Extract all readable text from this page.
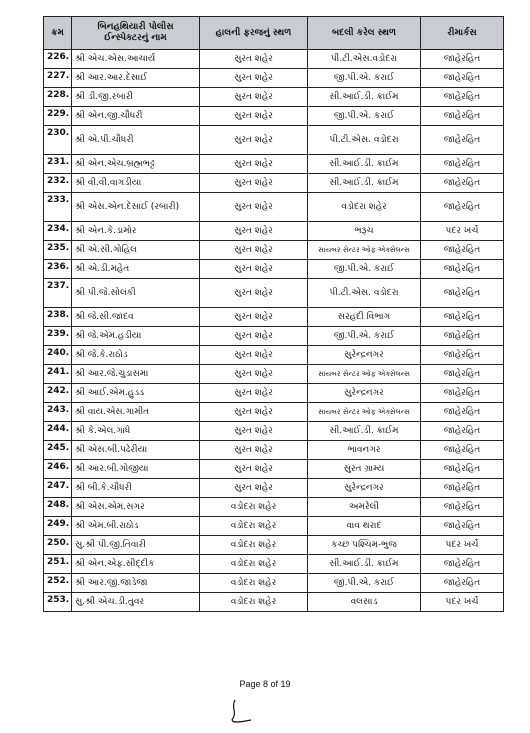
ક્રમ	બિનહથિયારી પોલીસ ઈન્સ્પેક્ટરનું નામ	હાલની ફરજનું સ્થળ	બદલી કરેલ સ્થળ	રીમાર્કસ
226.	શ્રી એચ.એસ.આચાર્ય	સુરત શહેર	પી.ટી.એસ.વડોદરા	જાહેરહિત
227.	શ્રી આર.આર.દેસાઈ	સુરત શહેર	જી.પી.એ. કરાઈ	જાહેરહિત
228.	શ્રી ડી.જી.રબારી	સુરત શહેર	સી.આઈ.ડી. ક્રાઈમ	જાહેરહિત
229.	શ્રી એન.જી.ચૌધરી	સુરત શહેર	જી.પી.એ. કરાઈ	જાહેરહિત
230.	શ્રી એ.પી.ચૌધરી	સુરત શહેર	પી.ટી.એસ. વડોદરા	જાહેરહિત
231.	શ્રી એન.એચ.બ્રહ્મભટ્ટ	સુરત શહેર	સી.આઈ.ડી. ક્રાઈમ	જાહેરહિત
232.	શ્રી વી.વી.વાગડીયા	સુરત શહેર	સી.આઈ.ડી. ક્રાઈમ	જાહેરહિત
233.	શ્રી એસ.એન.દેસાઈ (રબારી)	સુરત શહેર	વડોદરા શહેર	જાહેરહિત
234.	શ્રી એન.કે.ડામોર	સુરત શહેર	ભરૂચ	પદર ખર્ચે
235.	શ્રી એ.સી.ગોહિલ	સુરત શહેર	સાયબર સેન્ટર ઓફ એક્સેલન્સ	જાહેરહિત
236.	શ્રી એ.ડી.મહેત	સુરત શહેર	જી.પી.એ. કરાઈ	જાહેરહિત
237.	શ્રી પી.જે.સોલંકી	સુરત શહેર	પી.ટી.એસ. વડોદરા	જાહેરહિત
238.	શ્રી જે.સી.જાદવ	સુરત શહેર	સરહદી વિભાગ	જાહેરહિત
239.	શ્રી જે.એમ.હડીયા	સુરત શહેર	જી.પી.એ. કરાઈ	જાહેરહિત
240.	શ્રી જે.કે.રાઠોડ	સુરત શહેર	સુરેન્દ્રનગર	જાહેરહિત
241.	શ્રી આર.જે.ચુડાસમા	સુરત શહેર	સાયબર સેન્ટર ઓફ એક્સેલન્સ	જાહેરહિત
242.	શ્રી આઈ.એમ.હુડડ	સુરત શહેર	સુરેન્દ્રનગર	જાહેરહિત
243.	શ્રી વાય.એસ.ગામીત	સુરત શહેર	સાયબર સેન્ટર ઓફ એક્સેલન્સ	જાહેરહિત
244.	શ્રી કે.એલ.ગાધે	સુરત શહેર	સી.આઈ.ડી. ક્રાઈમ	જાહેરહિત
245.	શ્રી એસ.બી.પઢેરીયા	સુરત શહેર	ભાવનગર	જાહેરહિત
246.	શ્રી આર.બી.ગોજીયા	સુરત શહેર	સુરત ગ્રામ્ય	જાહેરહિત
247.	શ્રી બી.કે.ચૌધરી	સુરત શહેર	સુરેન્દ્રનગર	જાહેરહિત
248.	શ્રી એસ.એમ.સગર	વડોદરા શહેર	અમરેલી	જાહેરહિત
249.	શ્રી એમ.બી.રાઠોડ	વડોદરા શહેર	વાવ થરાદ	જાહેરહિત
250.	સુ.શ્રી પી.જી.તિવારી	વડોદરા શહેર	કચ્છ પશ્ચિમ-ભુજ	પદર ખર્ચે
251.	શ્રી એન.એફ.સીદ્દીક	વડોદરા શહેર	સી.આઈ.ડી. ક્રાઈમ	જાહેરહિત
252.	શ્રી આર.જી.જાડેજા	વડોદરા શહેર	જી.પી.એ. કરાઈ	જાહેરહિત
253.	સુ.શ્રી એચ.ડી.તુવર	વડોદરા શહેર	વલસાડ	પદર ખર્ચે
Page 8 of 19
